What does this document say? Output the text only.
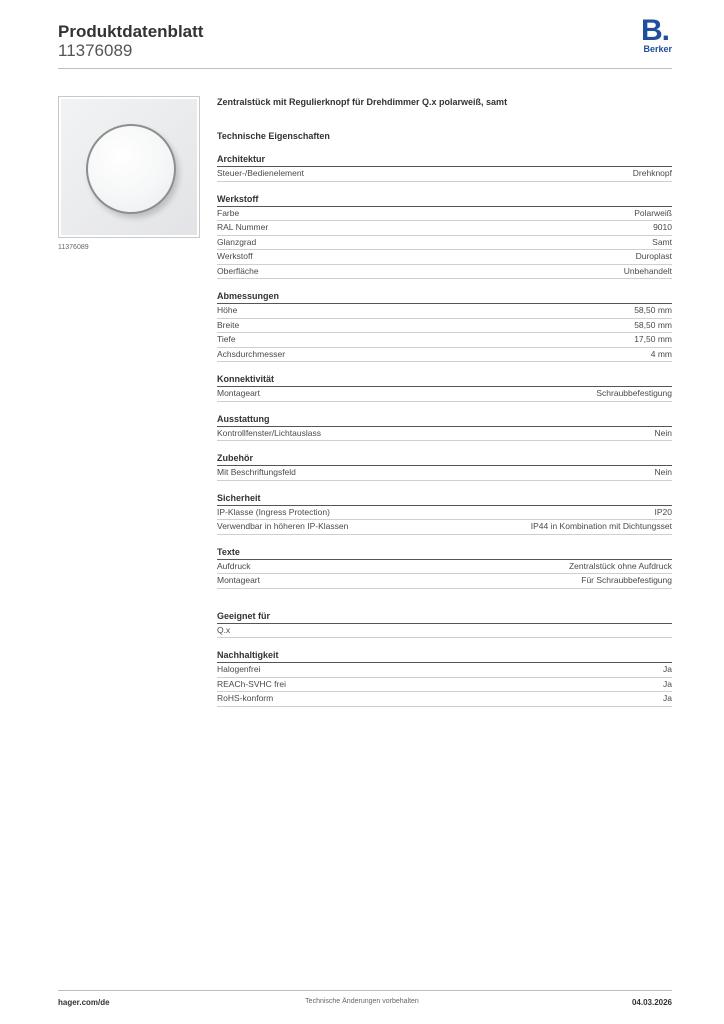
Produktdatenblatt
11376089
B.
Berker
11376089
Zentralstück mit Regulierknopf für Drehdimmer Q.x polarweiß, samt
Technische Eigenschaften
Architektur
Steuer-/Bedienelement	Drehknopf
Werkstoff
Farbe	Polarweiß
RAL Nummer	9010
Glanzgrad	Samt
Werkstoff	Duroplast
Oberfläche	Unbehandelt
Abmessungen
Höhe	58,50 mm
Breite	58,50 mm
Tiefe	17,50 mm
Achsdurchmesser	4 mm
Konnektivität
Montageart	Schraubbefestigung
Ausstattung
Kontrollfenster/Lichtauslass	Nein
Zubehör
Mit Beschriftungsfeld	Nein
Sicherheit
IP-Klasse (Ingress Protection)	IP20
Verwendbar in höheren IP-Klassen	IP44 in Kombination mit Dichtungsset
Texte
Aufdruck	Zentralstück ohne Aufdruck
Montageart	Für Schraubbefestigung
Geeignet für
Q.x
Nachhaltigkeit
Halogenfrei	Ja
REACh-SVHC frei	Ja
RoHS-konform	Ja
hager.com/de	Technische Änderungen vorbehalten	04.03.2026
